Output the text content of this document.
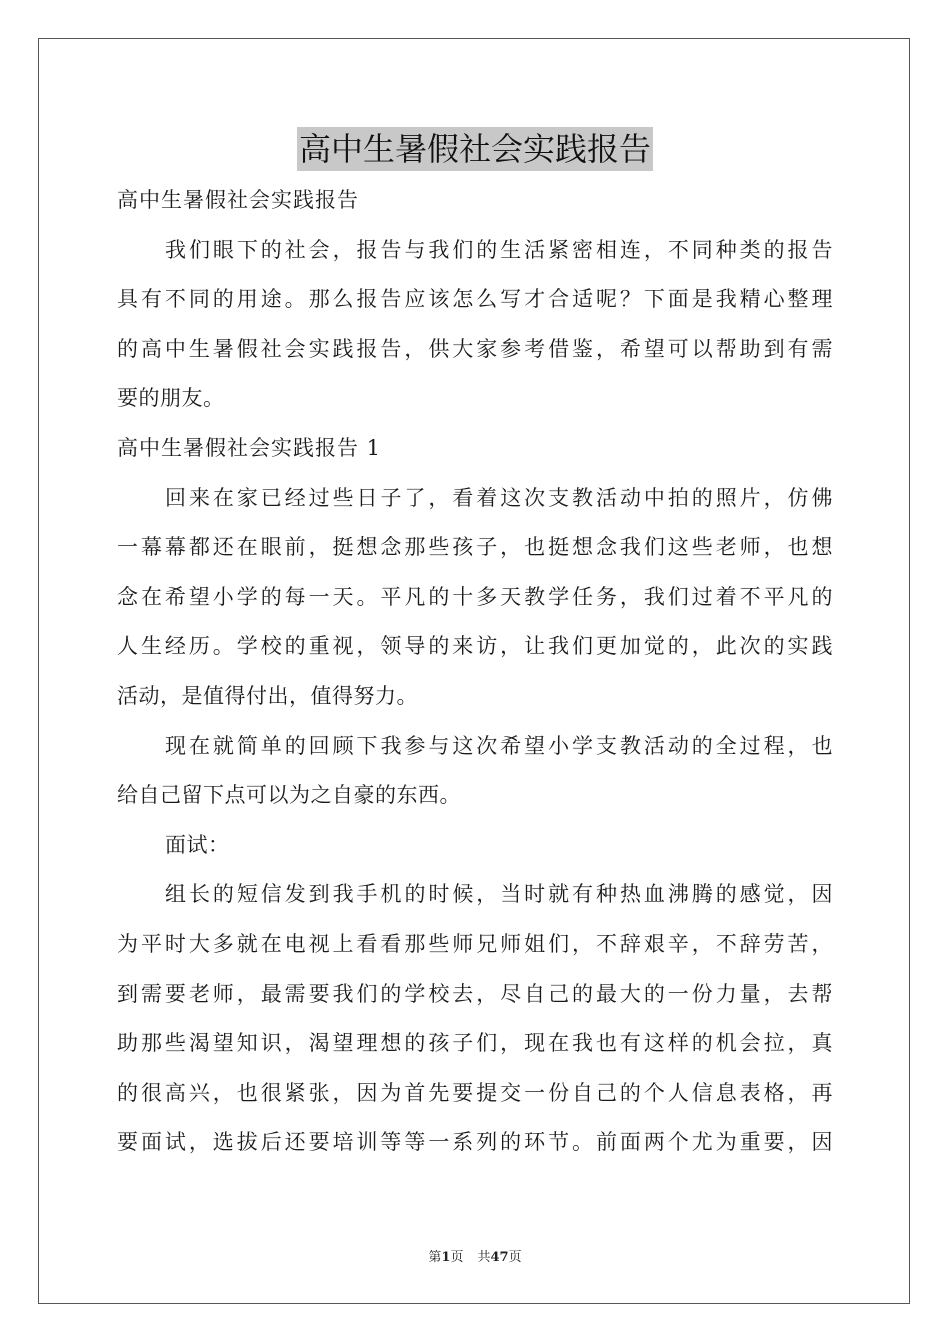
高中生暑假社会实践报告
高中生暑假社会实践报告
我们眼下的社会，报告与我们的生活紧密相连，不同种类的报告
具有不同的用途。那么报告应该怎么写才合适呢？下面是我精心整理
的高中生暑假社会实践报告，供大家参考借鉴，希望可以帮助到有需
要的朋友。
高中生暑假社会实践报告 1
回来在家已经过些日子了，看着这次支教活动中拍的照片，仿佛
一幕幕都还在眼前，挺想念那些孩子，也挺想念我们这些老师，也想
念在希望小学的每一天。平凡的十多天教学任务，我们过着不平凡的
人生经历。学校的重视，领导的来访，让我们更加觉的，此次的实践
活动，是值得付出，值得努力。
现在就简单的回顾下我参与这次希望小学支教活动的全过程，也
给自己留下点可以为之自豪的东西。
面试：
组长的短信发到我手机的时候，当时就有种热血沸腾的感觉，因
为平时大多就在电视上看看那些师兄师姐们，不辞艰辛，不辞劳苦，
到需要老师，最需要我们的学校去，尽自己的最大的一份力量，去帮
助那些渴望知识，渴望理想的孩子们，现在我也有这样的机会拉，真
的很高兴，也很紧张，因为首先要提交一份自己的个人信息表格，再
要面试，选拔后还要培训等等一系列的环节。前面两个尤为重要，因
第1页 共47页
